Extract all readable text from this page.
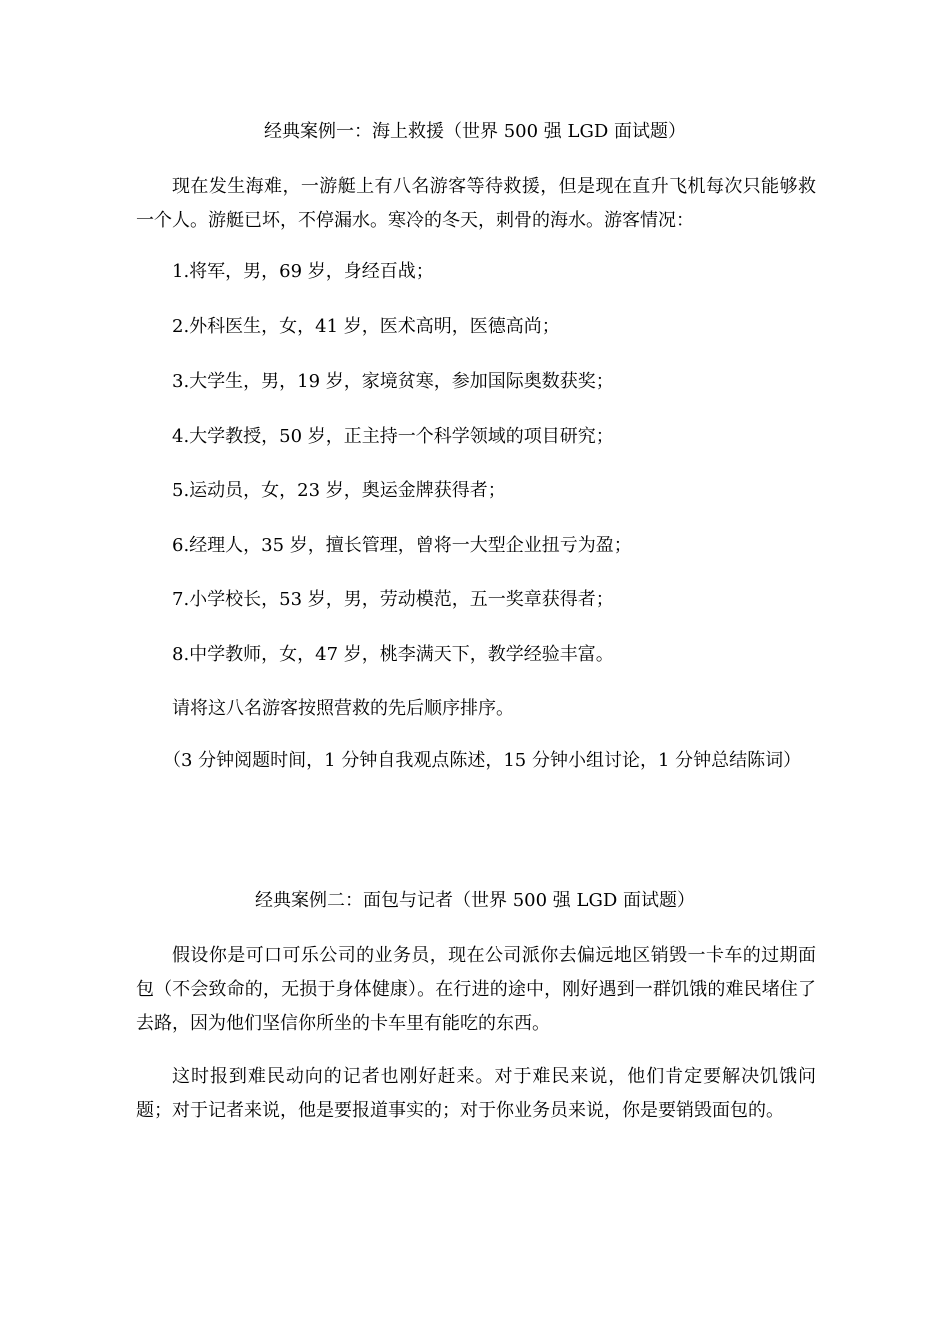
经典案例一：海上救援（世界 500 强 LGD 面试题）
现在发生海难，一游艇上有八名游客等待救援，但是现在直升飞机每次只能够救一个人。游艇已坏，不停漏水。寒冷的冬天，刺骨的海水。游客情况：
1.将军，男，69 岁，身经百战；
2.外科医生，女，41 岁，医术高明，医德高尚；
3.大学生，男，19 岁，家境贫寒，参加国际奥数获奖；
4.大学教授，50 岁，正主持一个科学领域的项目研究；
5.运动员，女，23 岁，奥运金牌获得者；
6.经理人，35 岁，擅长管理，曾将一大型企业扭亏为盈；
7.小学校长，53 岁，男，劳动模范，五一奖章获得者；
8.中学教师，女，47 岁，桃李满天下，教学经验丰富。
请将这八名游客按照营救的先后顺序排序。
（3 分钟阅题时间，1 分钟自我观点陈述，15 分钟小组讨论，1 分钟总结陈词）
经典案例二：面包与记者（世界 500 强 LGD 面试题）
假设你是可口可乐公司的业务员，现在公司派你去偏远地区销毁一卡车的过期面包（不会致命的，无损于身体健康）。在行进的途中，刚好遇到一群饥饿的难民堵住了去路，因为他们坚信你所坐的卡车里有能吃的东西。
这时报到难民动向的记者也刚好赶来。对于难民来说，他们肯定要解决饥饿问题；对于记者来说，他是要报道事实的；对于你业务员来说，你是要销毁面包的。
